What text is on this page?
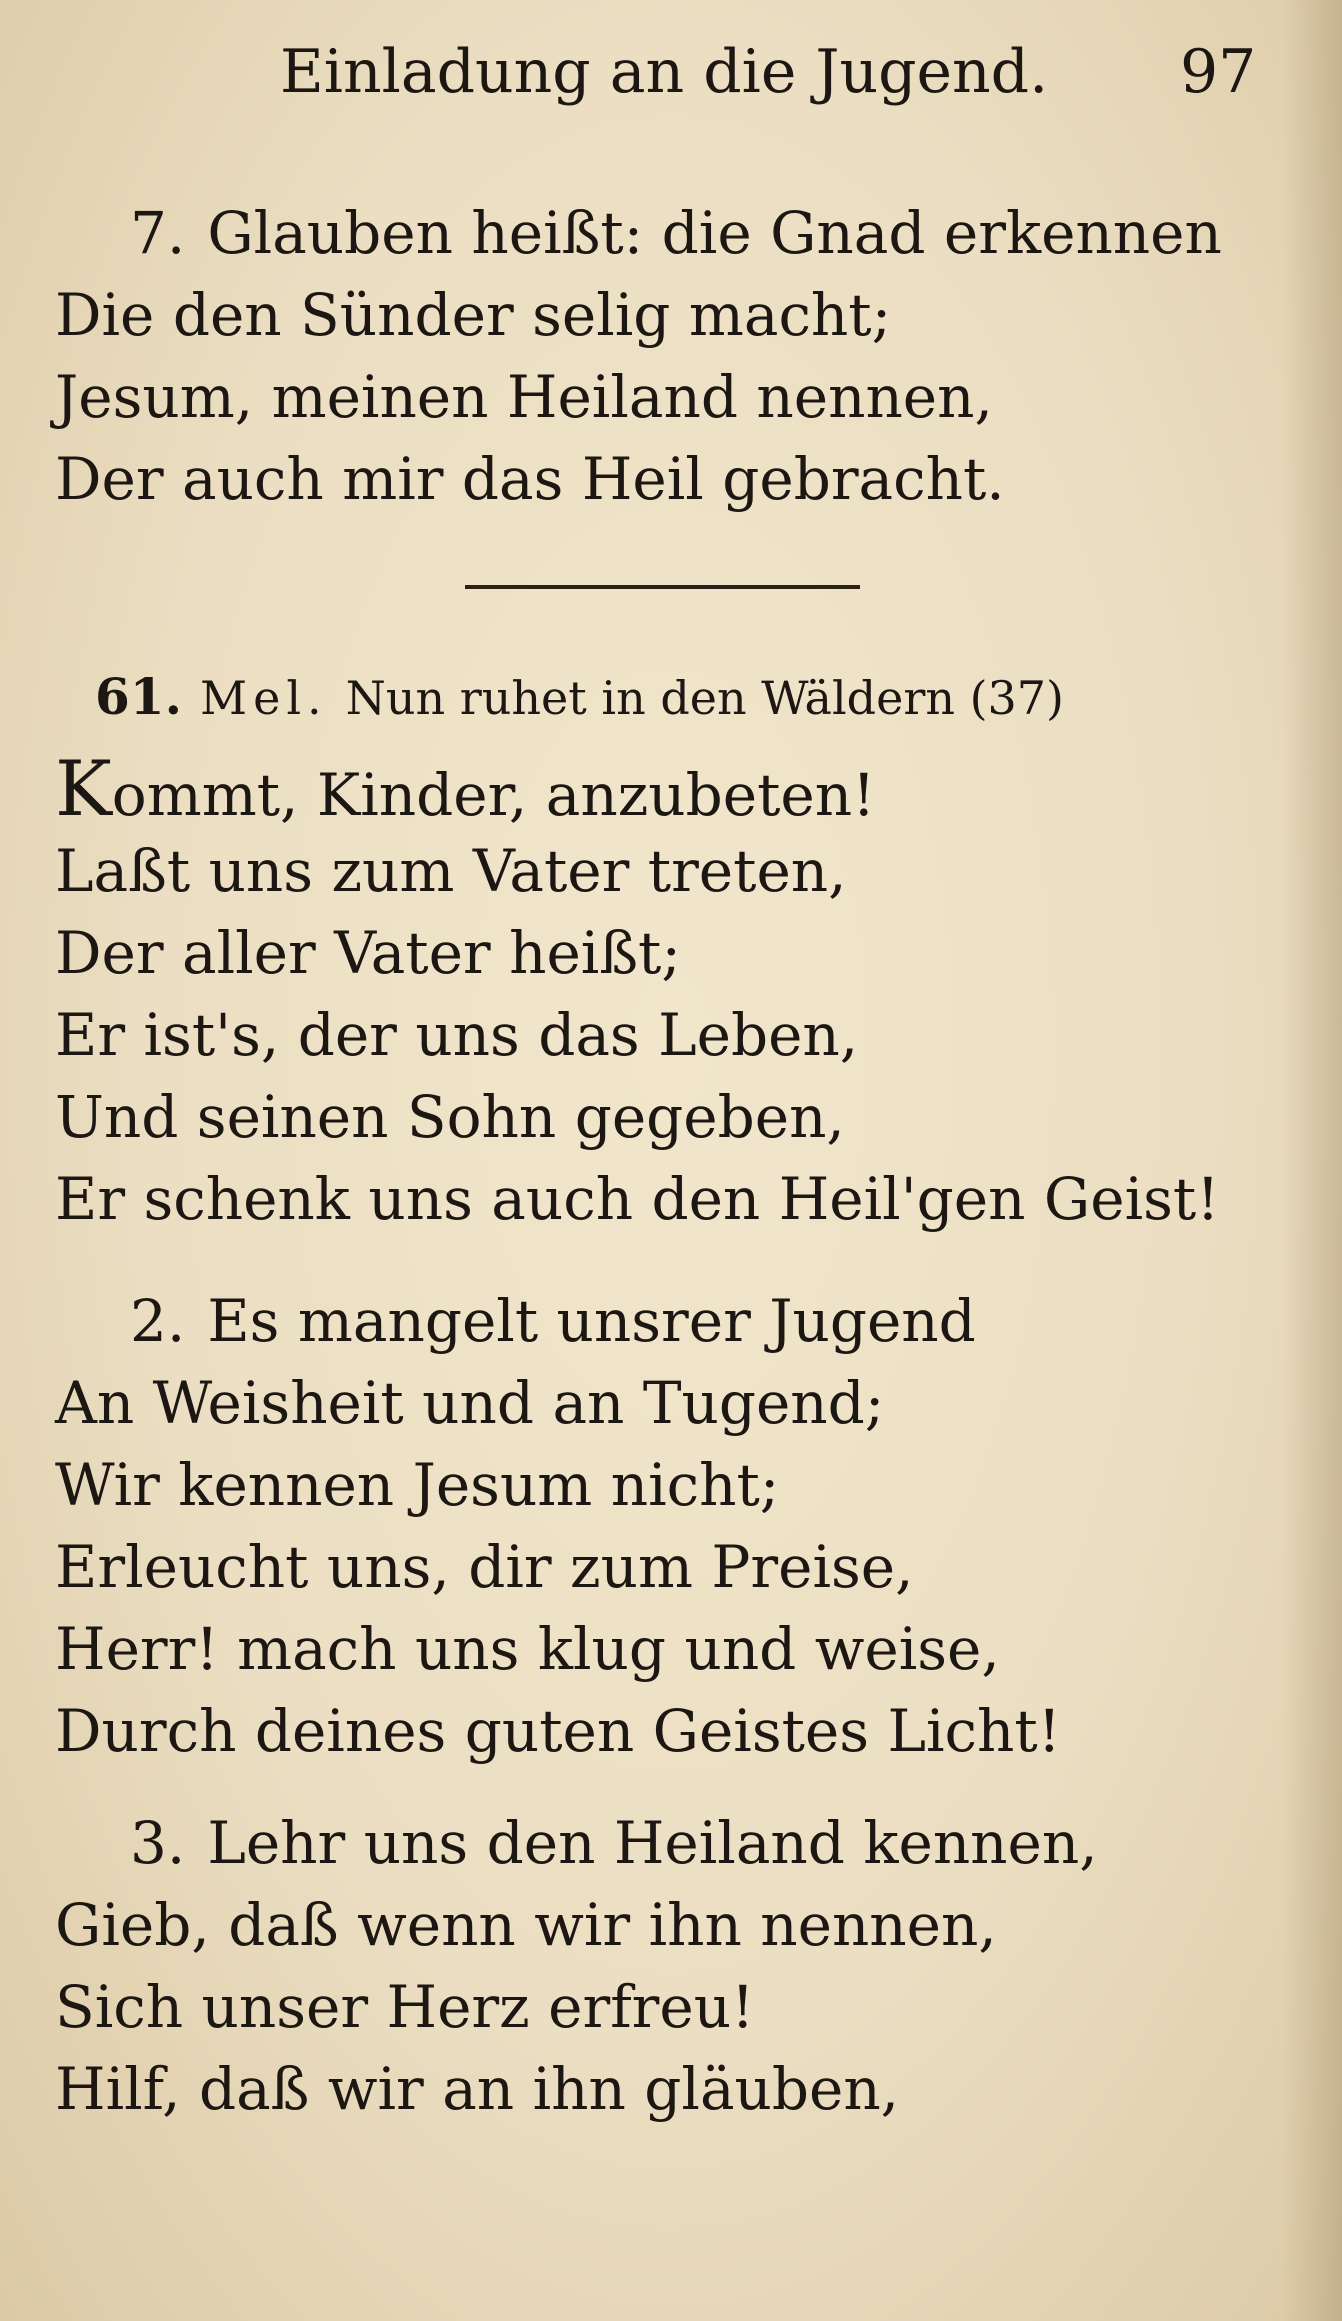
Einladung an die Jugend. 97
7. Glauben heißt: die Gnad erkennen
Die den Sünder selig macht;
Jesum, meinen Heiland nennen,
Der auch mir das Heil gebracht.
61. Mel. Nun ruhet in den Wäldern (37)
Kommt, Kinder, anzubeten!
Laßt uns zum Vater treten,
Der aller Vater heißt;
Er ist's, der uns das Leben,
Und seinen Sohn gegeben,
Er schenk uns auch den Heil'gen Geist!
2. Es mangelt unsrer Jugend
An Weisheit und an Tugend;
Wir kennen Jesum nicht;
Erleucht uns, dir zum Preise,
Herr! mach uns klug und weise,
Durch deines guten Geistes Licht!
3. Lehr uns den Heiland kennen,
Gieb, daß wenn wir ihn nennen,
Sich unser Herz erfreu!
Hilf, daß wir an ihn gläuben,
